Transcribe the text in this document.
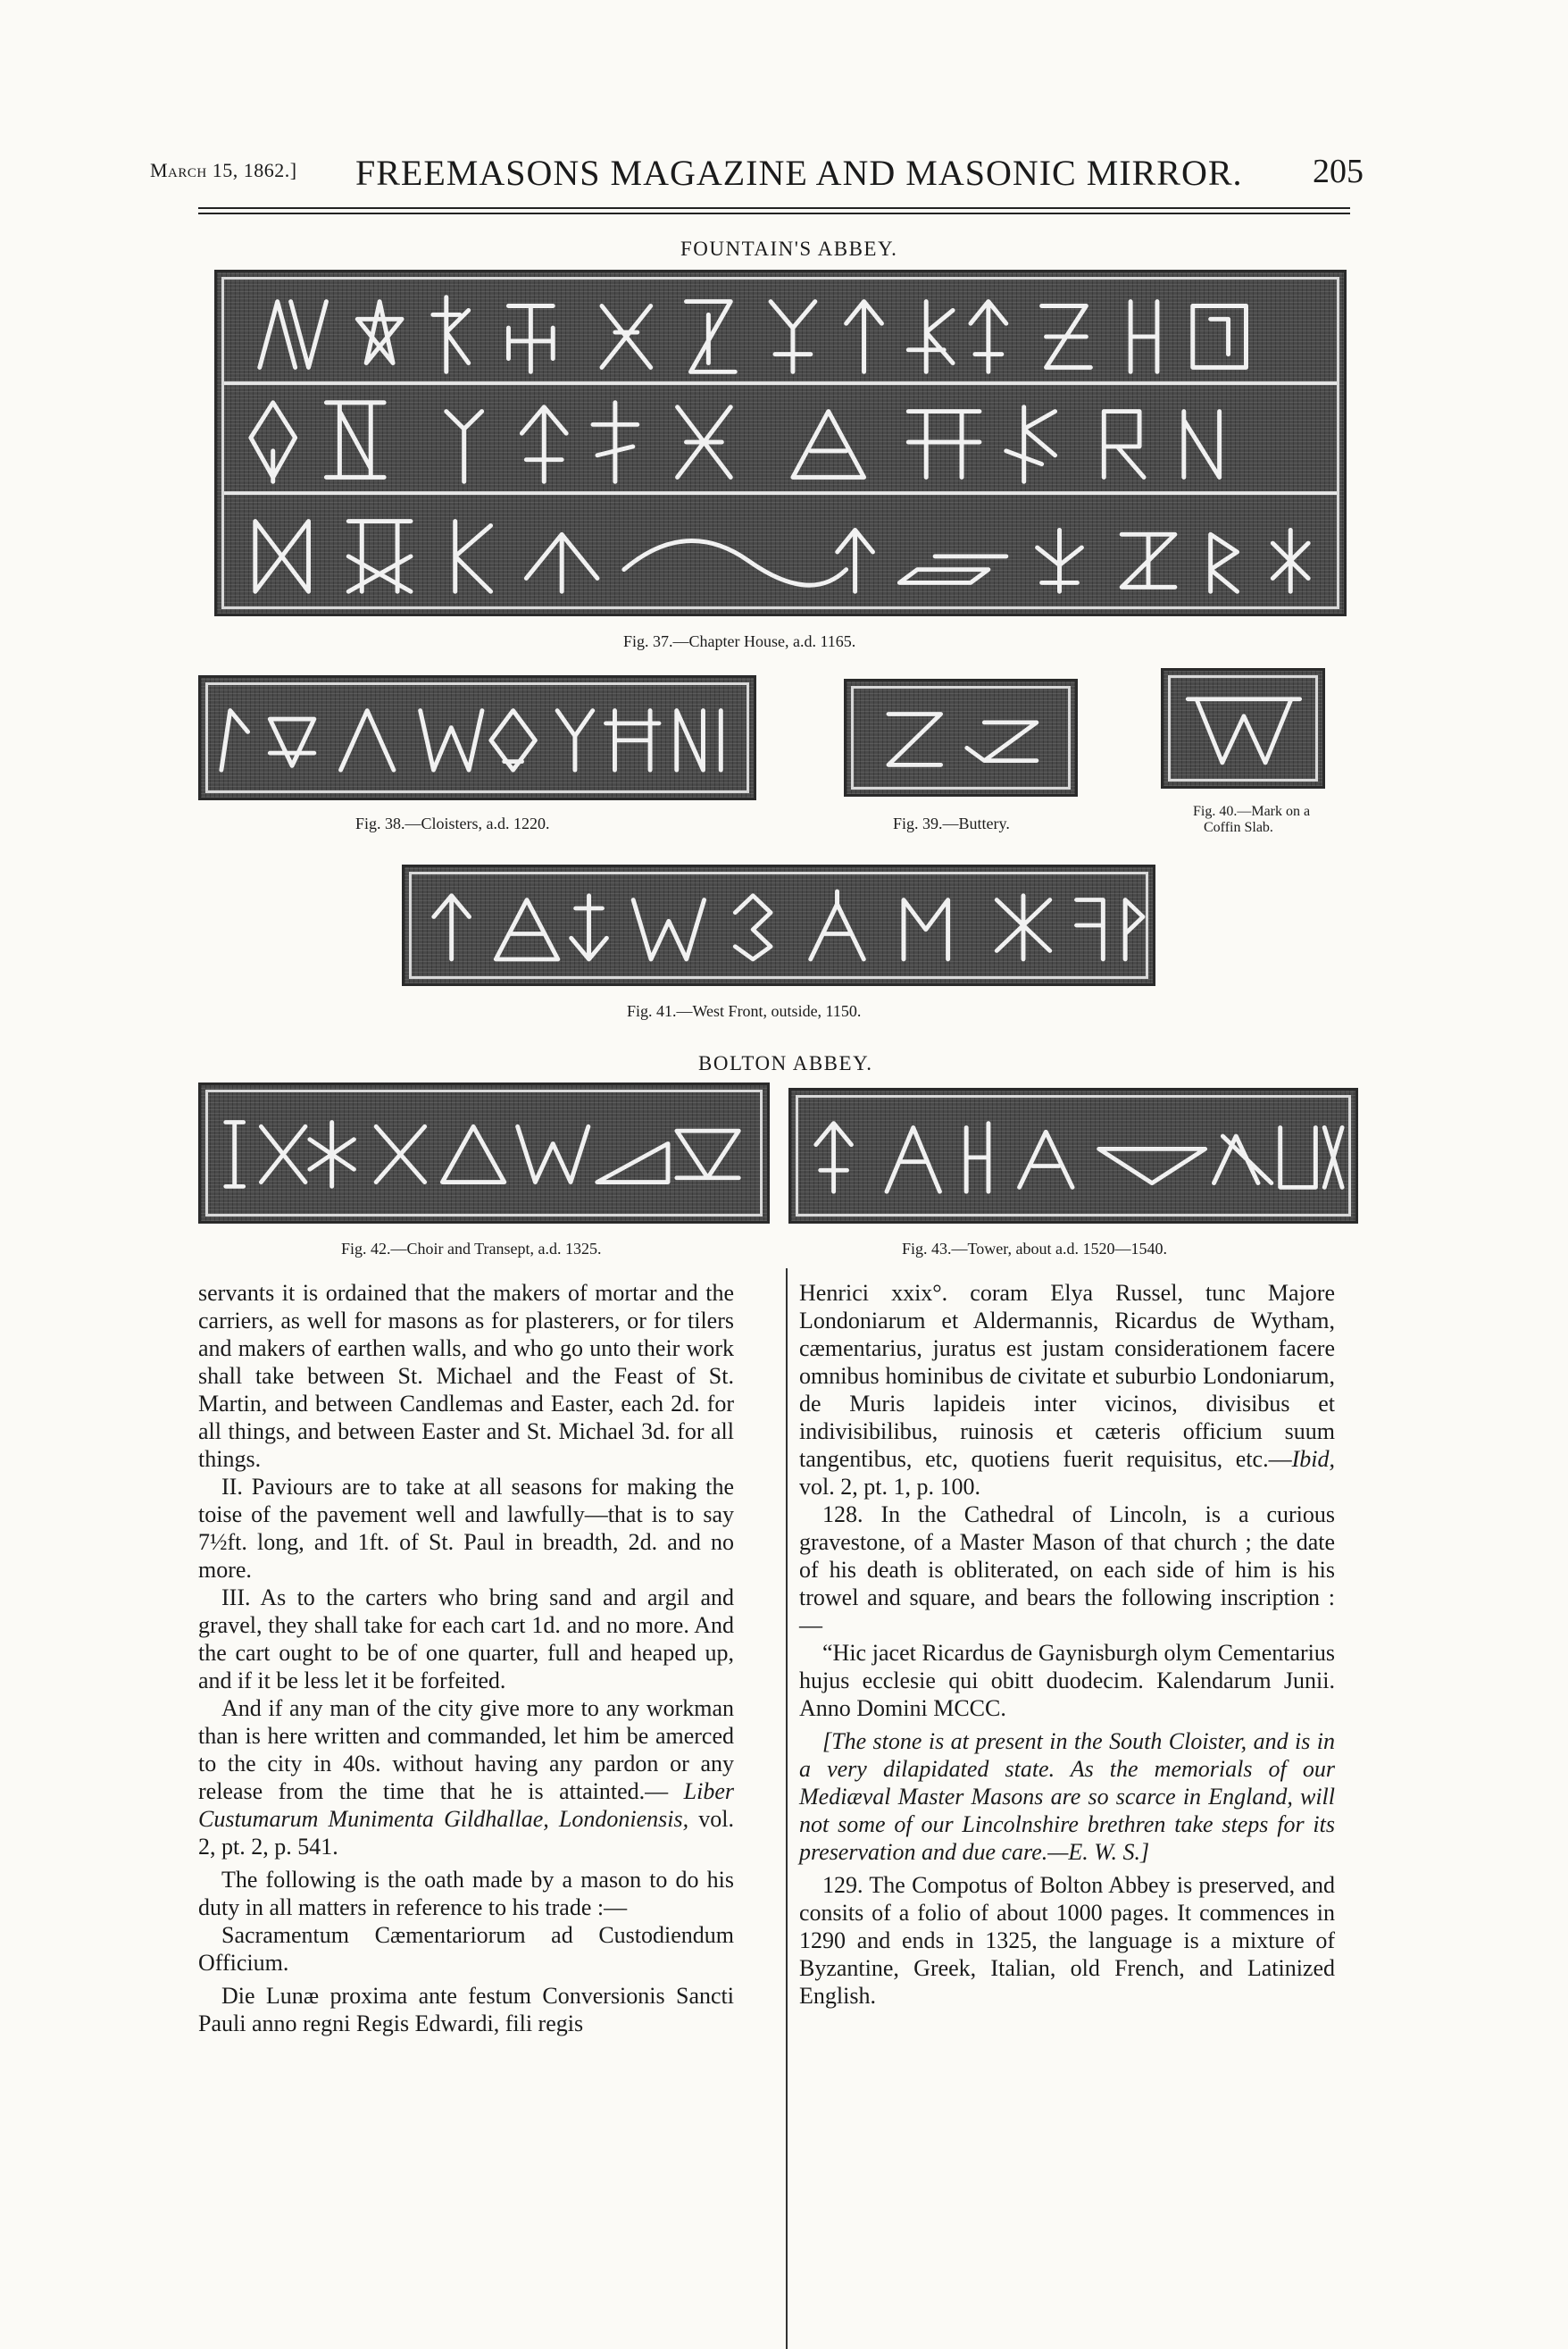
March 15, 1862.] FREEMASONS MAGAZINE AND MASONIC MIRROR. 205
FOUNTAIN'S ABBEY.
Fig. 37.—Chapter House, a.d. 1165.
Fig. 38.—Cloisters, a.d. 1220.	Fig. 39.—Buttery.
Fig. 40.—Mark on a
Coffin Slab.
Fig. 41.—West Front, outside, 1150.
BOLTON ABBEY.
Fig. 42.—Choir and Transept, a.d. 1325.	Fig. 43.—Tower, about a.d. 1520—1540.

servants it is ordained that the makers of mortar and the carriers, as well for masons as for plasterers, or for tilers and makers of earthen walls, and who go unto their work shall take between St. Michael and the Feast of St. Martin, and between Candlemas and Easter, each 2d. for all things, and between Easter and St. Michael 3d. for all things.

II. Paviours are to take at all seasons for making the toise of the pavement well and lawfully—that is to say 7½ft. long, and 1ft. of St. Paul in breadth, 2d. and no more.

III. As to the carters who bring sand and argil and gravel, they shall take for each cart 1d. and no more. And the cart ought to be of one quarter, full and heaped up, and if it be less let it be forfeited.

And if any man of the city give more to any workman than is here written and commanded, let him be amerced to the city in 40s. without having any pardon or any release from the time that he is attainted.— Liber Custumarum Munimenta Gildhallae, Londoniensis, vol. 2, pt. 2, p. 541.

The following is the oath made by a mason to do his duty in all matters in reference to his trade :—

Sacramentum Cæmentariorum ad Custodiendum Officium.

Die Lunæ proxima ante festum Conversionis Sancti Pauli anno regni Regis Edwardi, fili regis

Henrici xxix°. coram Elya Russel, tunc Majore Londoniarum et Aldermannis, Ricardus de Wytham, cæmentarius, juratus est justam considerationem facere omnibus hominibus de civitate et suburbio Londoniarum, de Muris lapideis inter vicinos, divisibus et indivisibilibus, ruinosis et cæteris officium suum tangentibus, etc, quotiens fuerit requisitus, etc.—Ibid, vol. 2, pt. 1, p. 100.

128. In the Cathedral of Lincoln, is a curious gravestone, of a Master Mason of that church ; the date of his death is obliterated, on each side of him is his trowel and square, and bears the following inscription :—

“Hic jacet Ricardus de Gaynisburgh olym Cementarius hujus ecclesie qui obitt duodecim. Kalendarum Junii. Anno Domini MCCC.

[The stone is at present in the South Cloister, and is in a very dilapidated state. As the memorials of our Mediæval Master Masons are so scarce in England, will not some of our Lincolnshire brethren take steps for its preservation and due care.—E. W. S.]

129. The Compotus of Bolton Abbey is preserved, and consits of a folio of about 1000 pages. It commences in 1290 and ends in 1325, the language is a mixture of Byzantine, Greek, Italian, old French, and Latinized English.
